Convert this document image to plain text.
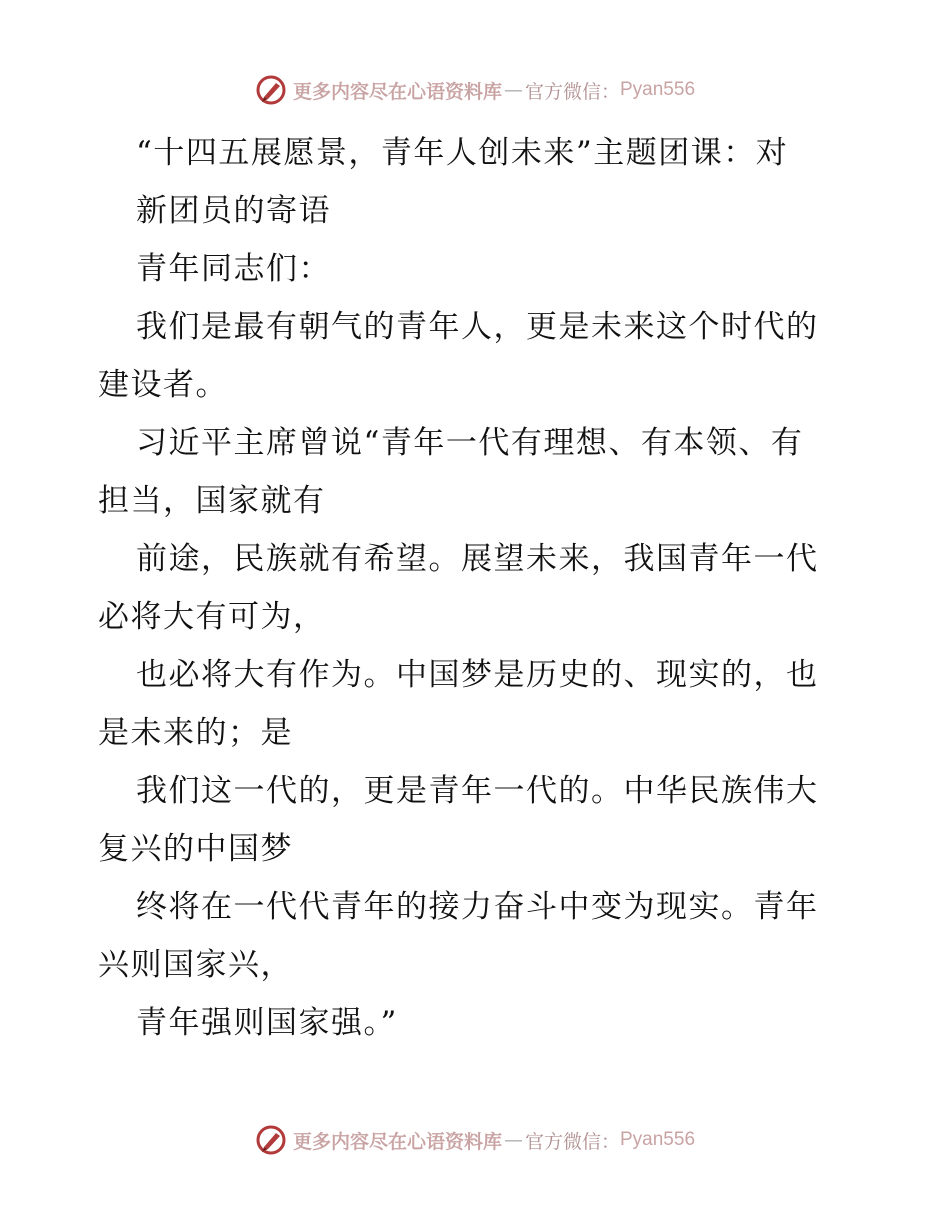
更多内容尽在心语资料库 — 官方微信： Pyan556
“十四五展愿景，青年人创未来”主题团课：对
新团员的寄语
青年同志们：
我们是最有朝气的青年人，更是未来这个时代的
建设者。
习近平主席曾说“青年一代有理想、有本领、有
担当，国家就有
前途，民族就有希望。展望未来，我国青年一代
必将大有可为，
也必将大有作为。中国梦是历史的、现实的，也
是未来的；是
我们这一代的，更是青年一代的。中华民族伟大
复兴的中国梦
终将在一代代青年的接力奋斗中变为现实。青年
兴则国家兴，
青年强则国家强。”
更多内容尽在心语资料库 — 官方微信： Pyan556
